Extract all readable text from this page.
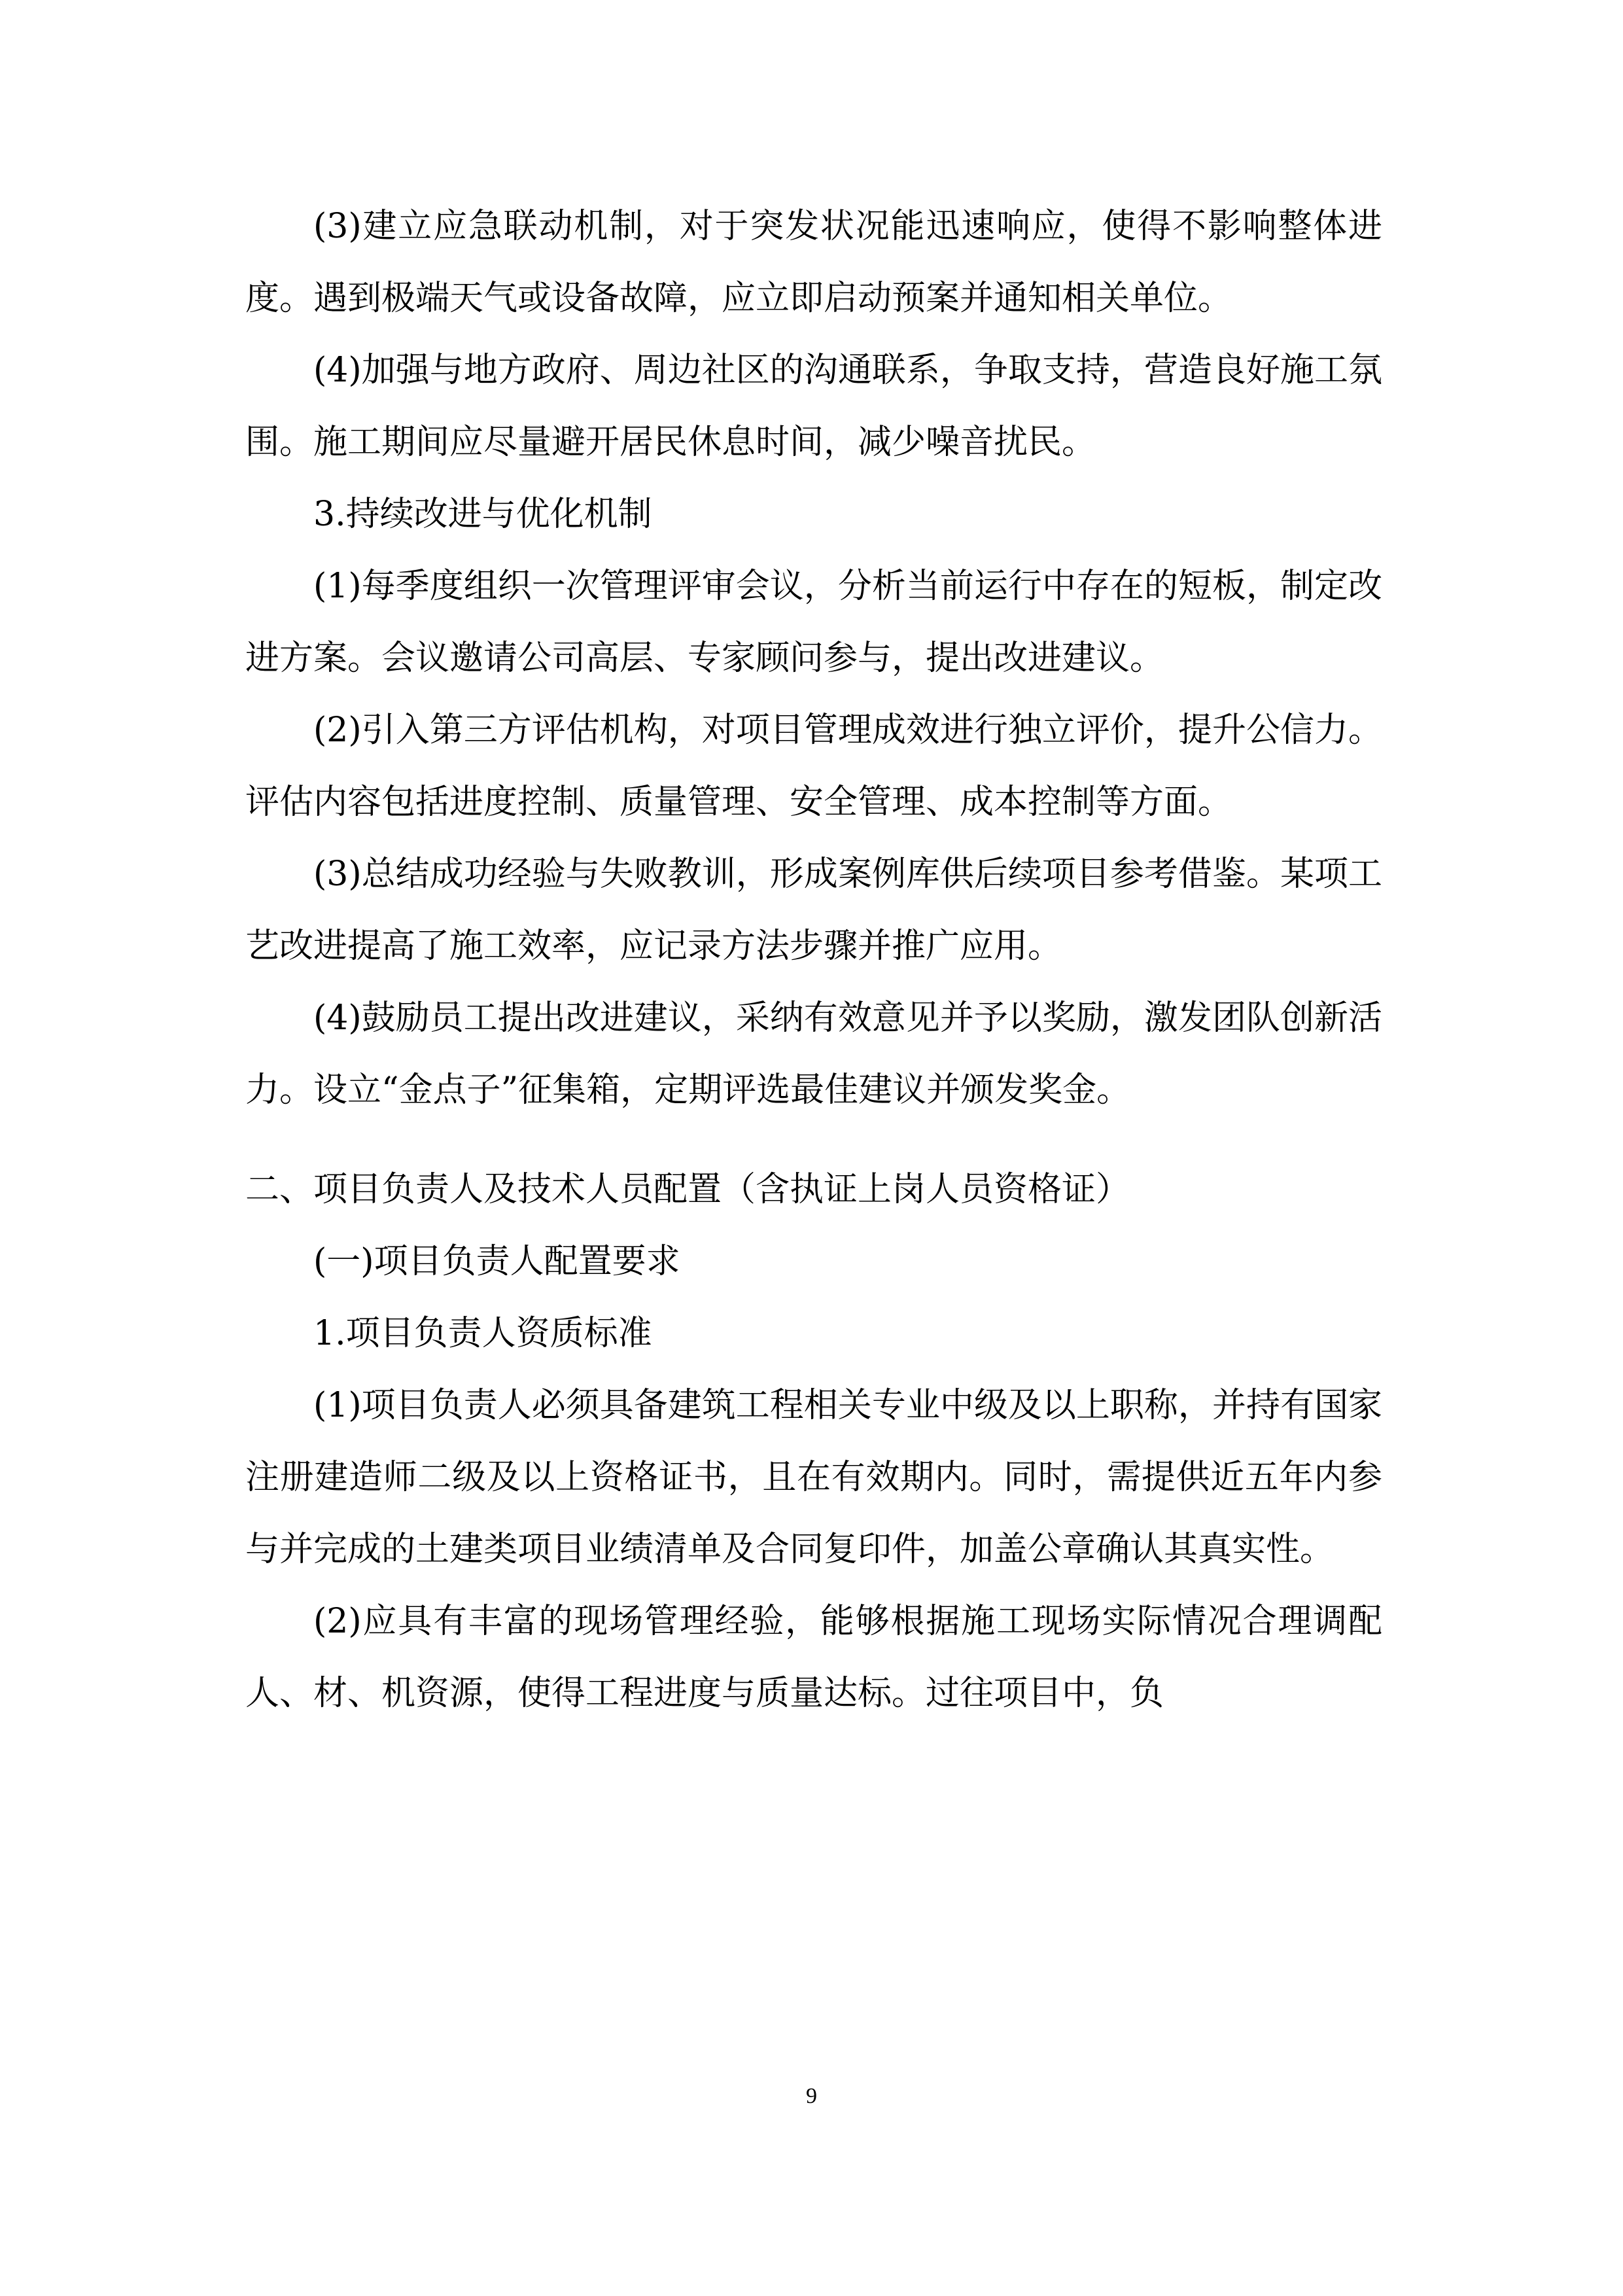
(3)建立应急联动机制，对于突发状况能迅速响应，使得不影响整体进度。遇到极端天气或设备故障，应立即启动预案并通知相关单位。

(4)加强与地方政府、周边社区的沟通联系，争取支持，营造良好施工氛围。施工期间应尽量避开居民休息时间，减少噪音扰民。

3.持续改进与优化机制

(1)每季度组织一次管理评审会议，分析当前运行中存在的短板，制定改进方案。会议邀请公司高层、专家顾问参与，提出改进建议。

(2)引入第三方评估机构，对项目管理成效进行独立评价，提升公信力。评估内容包括进度控制、质量管理、安全管理、成本控制等方面。

(3)总结成功经验与失败教训，形成案例库供后续项目参考借鉴。某项工艺改进提高了施工效率，应记录方法步骤并推广应用。

(4)鼓励员工提出改进建议，采纳有效意见并予以奖励，激发团队创新活力。设立“金点子”征集箱，定期评选最佳建议并颁发奖金。

二、项目负责人及技术人员配置（含执证上岗人员资格证）

(一)项目负责人配置要求

1.项目负责人资质标准

(1)项目负责人必须具备建筑工程相关专业中级及以上职称，并持有国家注册建造师二级及以上资格证书，且在有效期内。同时，需提供近五年内参与并完成的土建类项目业绩清单及合同复印件，加盖公章确认其真实性。

(2)应具有丰富的现场管理经验，能够根据施工现场实际情况合理调配人、材、机资源，使得工程进度与质量达标。过往项目中，负

9
